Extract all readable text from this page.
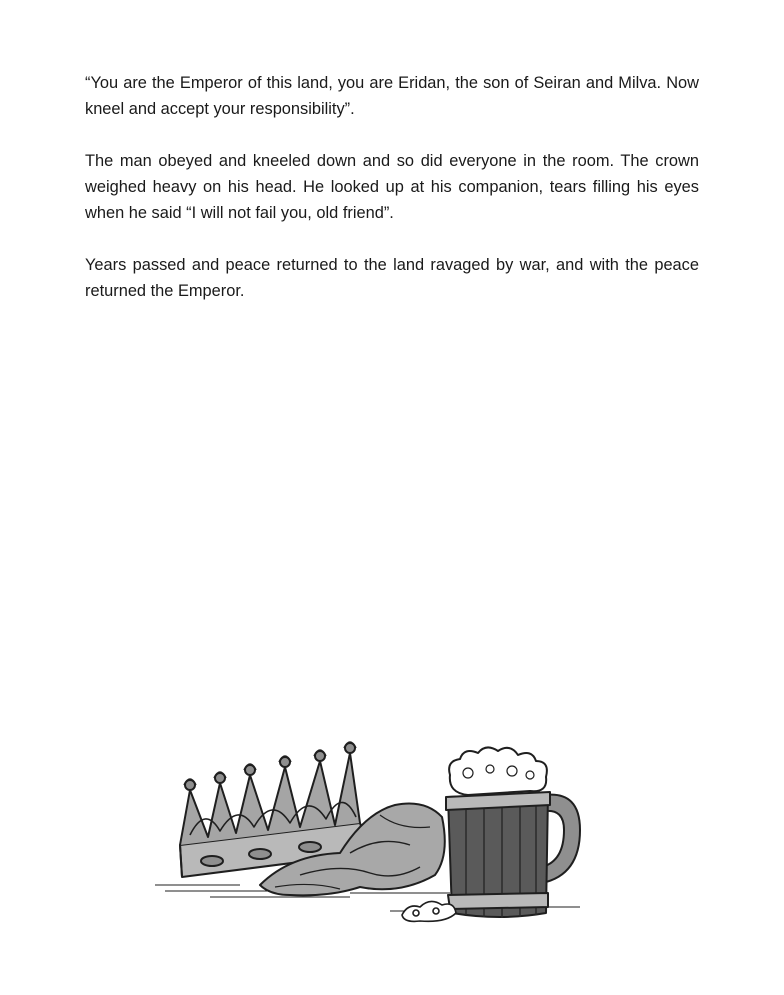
“You are the Emperor of this land, you are Eridan, the son of Seiran and Milva. Now kneel and accept your responsibility”.

The man obeyed and kneeled down and so did everyone in the room. The crown weighed heavy on his head. He looked up at his companion, tears filling his eyes when he said “I will not fail you, old friend”.

Years passed and peace returned to the land ravaged by war, and with the peace returned the Emperor.
